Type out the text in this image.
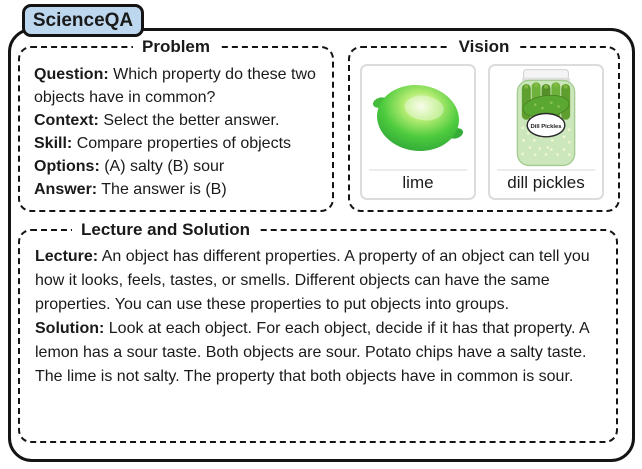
ScienceQA
Problem

Question: Which property do these two objects have in common?

Context: Select the better answer.

Skill: Compare properties of objects

Options: (A) salty (B) sour

Answer: The answer is (B)

Vision
lime
Dill Pickles
dill pickles
Lecture and Solution

Lecture: An object has different properties. A property of an object can tell you how it looks, feels, tastes, or smells. Different objects can have the same properties. You can use these properties to put objects into groups.

Solution: Look at each object. For each object, decide if it has that property. A lemon has a sour taste. Both objects are sour. Potato chips have a salty taste. The lime is not salty. The property that both objects have in common is sour.
